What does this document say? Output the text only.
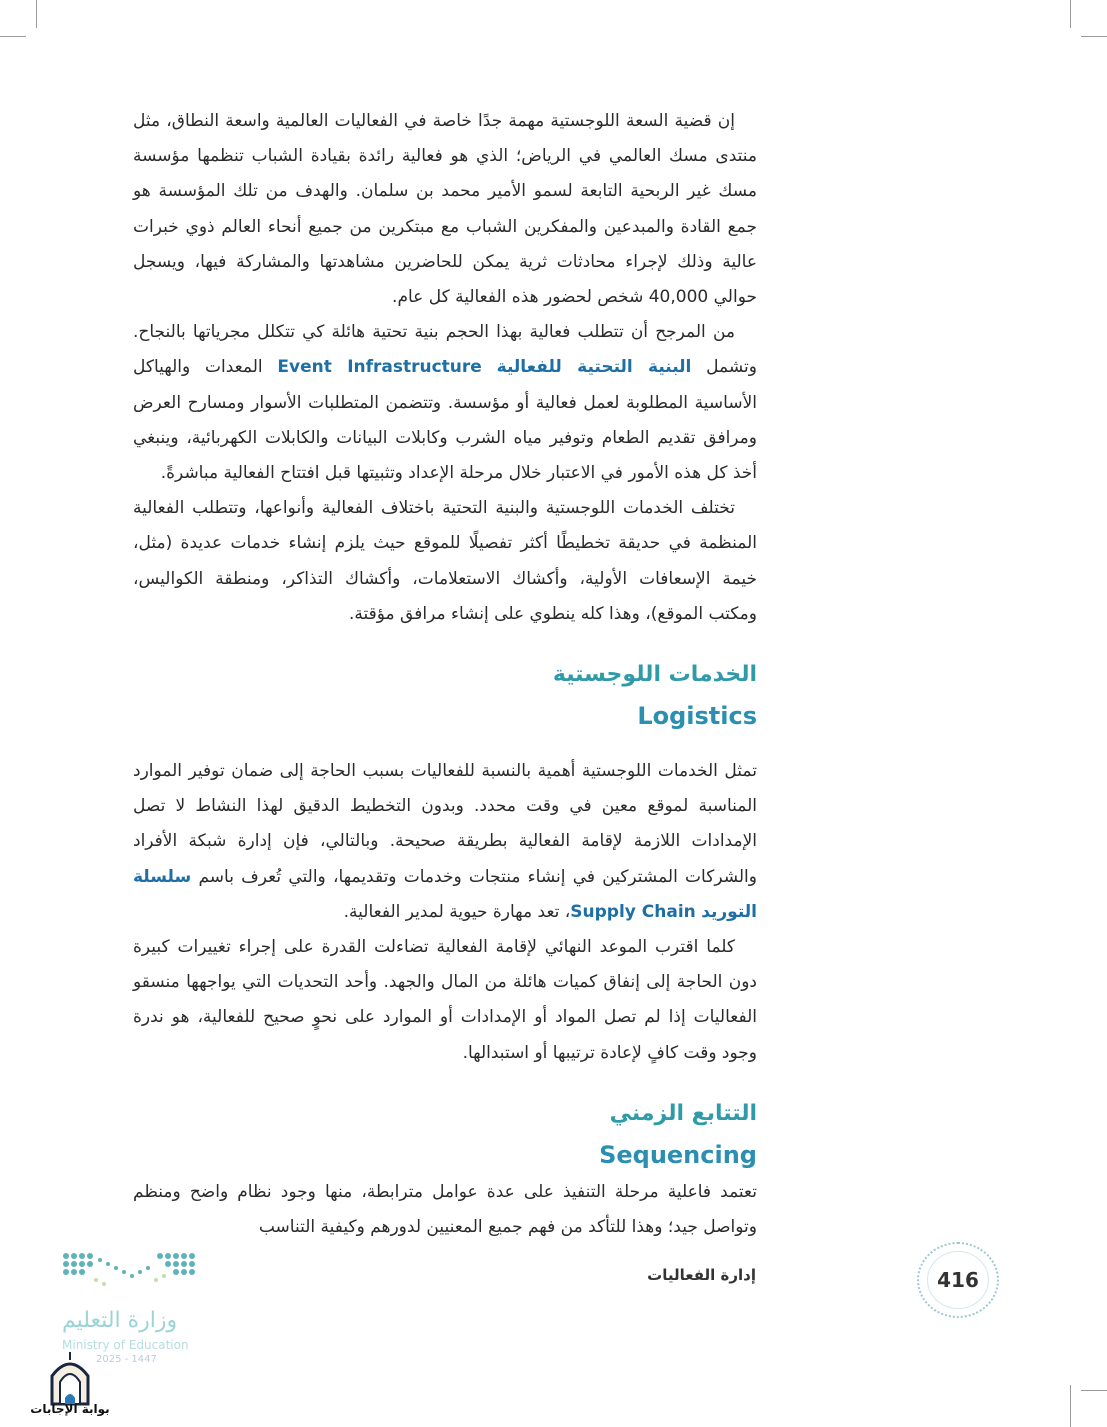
إن قضية السعة اللوجستية مهمة جدًا خاصة في الفعاليات العالمية واسعة النطاق، مثل منتدى مسك العالمي في الرياض؛ الذي هو فعالية رائدة بقيادة الشباب تنظمها مؤسسة مسك غير الربحية التابعة لسمو الأمير محمد بن سلمان. والهدف من تلك المؤسسة هو جمع القادة والمبدعين والمفكرين الشباب مع مبتكرين من جميع أنحاء العالم ذوي خبرات عالية وذلك لإجراء محادثات ثرية يمكن للحاضرين مشاهدتها والمشاركة فيها، ويسجل حوالي 40,000 شخص لحضور هذه الفعالية كل عام.

من المرجح أن تتطلب فعالية بهذا الحجم بنية تحتية هائلة كي تتكلل مجرياتها بالنجاح. وتشمل البنية التحتية للفعالية Event Infrastructure المعدات والهياكل الأساسية المطلوبة لعمل فعالية أو مؤسسة. وتتضمن المتطلبات الأسوار ومسارح العرض ومرافق تقديم الطعام وتوفير مياه الشرب وكابلات البيانات والكابلات الكهربائية، وينبغي أخذ كل هذه الأمور في الاعتبار خلال مرحلة الإعداد وتثبيتها قبل افتتاح الفعالية مباشرةً.

تختلف الخدمات اللوجستية والبنية التحتية باختلاف الفعالية وأنواعها، وتتطلب الفعالية المنظمة في حديقة تخطيطًا أكثر تفصيلًا للموقع حيث يلزم إنشاء خدمات عديدة (مثل، خيمة الإسعافات الأولية، وأكشاك الاستعلامات، وأكشاك التذاكر، ومنطقة الكواليس، ومكتب الموقع)، وهذا كله ينطوي على إنشاء مرافق مؤقتة.

الخدمات اللوجستية
Logistics

تمثل الخدمات اللوجستية أهمية بالنسبة للفعاليات بسبب الحاجة إلى ضمان توفير الموارد المناسبة لموقع معين في وقت محدد. وبدون التخطيط الدقيق لهذا النشاط لا تصل الإمدادات اللازمة لإقامة الفعالية بطريقة صحيحة. وبالتالي، فإن إدارة شبكة الأفراد والشركات المشتركين في إنشاء منتجات وخدمات وتقديمها، والتي تُعرف باسم سلسلة التوريد Supply Chain، تعد مهارة حيوية لمدير الفعالية.

كلما اقترب الموعد النهائي لإقامة الفعالية تضاءلت القدرة على إجراء تغييرات كبيرة دون الحاجة إلى إنفاق كميات هائلة من المال والجهد. وأحد التحديات التي يواجهها منسقو الفعاليات إذا لم تصل المواد أو الإمدادات أو الموارد على نحوٍ صحيح للفعالية، هو ندرة وجود وقت كافٍ لإعادة ترتيبها أو استبدالها.

التتابع الزمني
Sequencing

تعتمد فاعلية مرحلة التنفيذ على عدة عوامل مترابطة، منها وجود نظام واضح ومنظم وتواصل جيد؛ وهذا للتأكد من فهم جميع المعنيين لدورهم وكيفية التناسب

إدارة الفعاليات	416
وزارة التعليم
Ministry of Education
2025 - 1447
بوابة الإجابات
